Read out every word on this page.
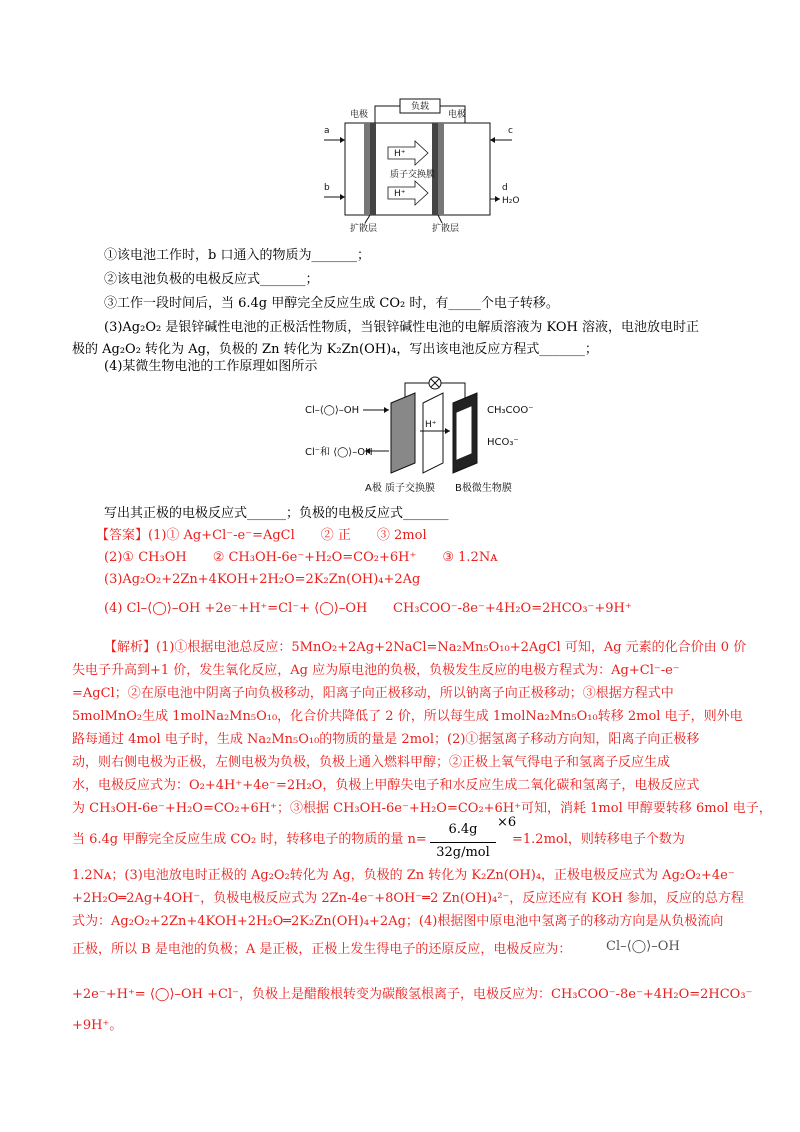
负载
电极	电极
H⁺
质子交换膜
H⁺
a
b
c
d
H₂O
扩散层	扩散层
①该电池工作时，b 口通入的物质为_______；
②该电池负极的电极反应式_______；
③工作一段时间后，当 6.4g 甲醇完全反应生成 CO₂ 时，有_____个电子转移。
(3)Ag₂O₂ 是银锌碱性电池的正极活性物质，当银锌碱性电池的电解质溶液为 KOH 溶液，电池放电时正
极的 Ag₂O₂ 转化为 Ag，负极的 Zn 转化为 K₂Zn(OH)₄，写出该电池反应方程式_______；
(4)某微生物电池的工作原理如图所示
H⁺
Cl–⟨◯⟩–OH
Cl⁻和 ⟨◯⟩–OH
CH₃COO⁻
HCO₃⁻
A极 质子交换膜 B极微生物膜
写出其正极的电极反应式______；负极的电极反应式_______
【答案】(1)① Ag+Cl⁻-e⁻=AgCl　　② 正　　③ 2mol
(2)① CH₃OH　　② CH₃OH-6e⁻+H₂O=CO₂+6H⁺　　③ 1.2Nᴀ
(3)Ag₂O₂+2Zn+4KOH+2H₂O=2K₂Zn(OH)₄+2Ag
(4) Cl–⟨◯⟩–OH +2e⁻+H⁺=Cl⁻+ ⟨◯⟩–OH CH₃COO⁻-8e⁻+4H₂O=2HCO₃⁻+9H⁺
【解析】(1)①根据电池总反应：5MnO₂+2Ag+2NaCl=Na₂Mn₅O₁₀+2AgCl 可知，Ag 元素的化合价由 0 价
失电子升高到+1 价，发生氧化反应，Ag 应为原电池的负极，负极发生反应的电极方程式为：Ag+Cl⁻-e⁻
=AgCl；②在原电池中阴离子向负极移动，阳离子向正极移动，所以钠离子向正极移动；③根据方程式中
5molMnO₂生成 1molNa₂Mn₅O₁₀，化合价共降低了 2 价，所以每生成 1molNa₂Mn₅O₁₀转移 2mol 电子，则外电
路每通过 4mol 电子时，生成 Na₂Mn₅O₁₀的物质的量是 2mol；(2)①据氢离子移动方向知，阳离子向正极移
动，则右侧电极为正极，左侧电极为负极，负极上通入燃料甲醇；②正极上氧气得电子和氢离子反应生成
水，电极反应式为：O₂+4H⁺+4e⁻=2H₂O，负极上甲醇失电子和水反应生成二氧化碳和氢离子，电极反应式
为 CH₃OH-6e⁻+H₂O=CO₂+6H⁺；③根据 CH₃OH-6e⁻+H₂O=CO₂+6H⁺可知，消耗 1mol 甲醇要转移 6mol 电子，
6.4g
32g/mol
×6
当 6.4g 甲醇完全反应生成 CO₂ 时，转移电子的物质的量 n=	=1.2mol，则转移电子个数为
1.2Nᴀ；(3)电池放电时正极的 Ag₂O₂转化为 Ag，负极的 Zn 转化为 K₂Zn(OH)₄，正极电极反应式为 Ag₂O₂+4e⁻
+2H₂O═2Ag+4OH⁻，负极电极反应式为 2Zn-4e⁻+8OH⁻═2 Zn(OH)₄²⁻，反应还应有 KOH 参加，反应的总方程
式为：Ag₂O₂+2Zn+4KOH+2H₂O═2K₂Zn(OH)₄+2Ag；(4)根据图中原电池中氢离子的移动方向是从负极流向
正极，所以 B 是电池的负极；A 是正极，正极上发生得电子的还原反应，电极反应为：	Cl–⟨◯⟩–OH
+2e⁻+H⁺= ⟨◯⟩–OH +Cl⁻，负极上是醋酸根转变为碳酸氢根离子，电极反应为：CH₃COO⁻-8e⁻+4H₂O=2HCO₃⁻
+9H⁺。
